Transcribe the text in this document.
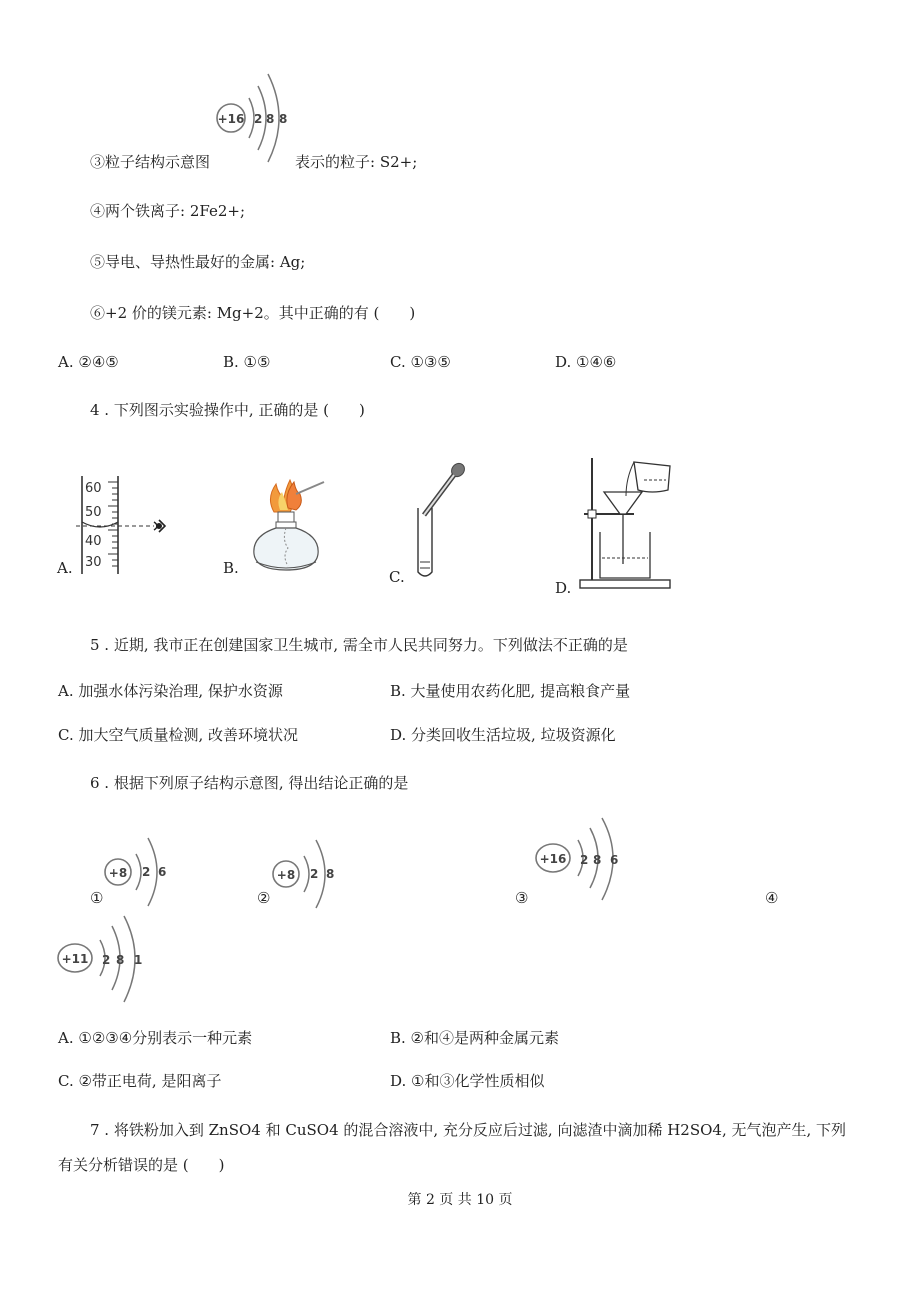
+16 2 8 8
③粒子结构示意图	表示的粒子: S2+;
④两个铁离子: 2Fe2+;
⑤导电、导热性最好的金属: Ag;
⑥+2 价的镁元素: Mg+2。其中正确的有 (　　)
A. ②④⑤	B. ①⑤	C. ①③⑤	D. ①④⑥
4 . 下列图示实验操作中, 正确的是 (　　)
60
50
40
30
A.	B.	C.
D.
5 . 近期, 我市正在创建国家卫生城市, 需全市人民共同努力。下列做法不正确的是
A. 加强水体污染治理, 保护水资源	B. 大量使用农药化肥, 提高粮食产量
C. 加大空气质量检测, 改善环境状况	D. 分类回收生活垃圾, 垃圾资源化
6 . 根据下列原子结构示意图, 得出结论正确的是
+8 2 6
①
+8 2 8
②
+16 2 8 6
③	④
+11 2 8 1
A. ①②③④分别表示一种元素	B. ②和④是两种金属元素
C. ②带正电荷, 是阳离子	D. ①和③化学性质相似
7 . 将铁粉加入到 ZnSO4 和 CuSO4 的混合溶液中, 充分反应后过滤, 向滤渣中滴加稀 H2SO4, 无气泡产生, 下列
有关分析错误的是 (　　)
第 2 页 共 10 页
